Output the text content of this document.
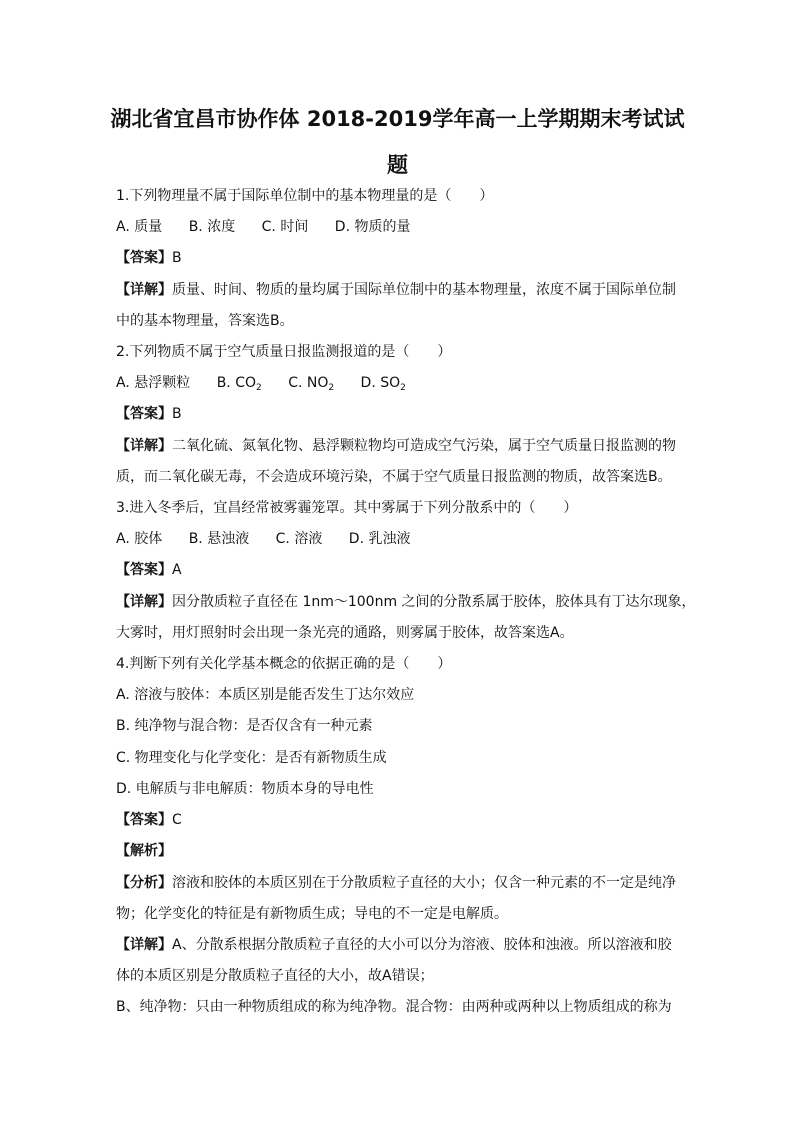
湖北省宜昌市协作体 2018-2019学年高一上学期期末考试试
题
1.下列物理量不属于国际单位制中的基本物理量的是（　　）
A. 质量 B. 浓度 C. 时间 D. 物质的量
【答案】B
【详解】质量、时间、物质的量均属于国际单位制中的基本物理量，浓度不属于国际单位制
中的基本物理量，答案选B。
2.下列物质不属于空气质量日报监测报道的是（　　）
A. 悬浮颗粒 B. $CO_2$ C. $NO_2$ D. $SO_2$
【答案】B
【详解】二氧化硫、氮氧化物、悬浮颗粒物均可造成空气污染，属于空气质量日报监测的物
质，而二氧化碳无毒，不会造成环境污染，不属于空气质量日报监测的物质，故答案选B。
3.进入冬季后，宜昌经常被雾霾笼罩。其中雾属于下列分散系中的（　　）
A. 胶体 B. 悬浊液 C. 溶液 D. 乳浊液
【答案】A
【详解】因分散质粒子直径在 1nm～100nm 之间的分散系属于胶体，胶体具有丁达尔现象，
大雾时，用灯照射时会出现一条光亮的通路，则雾属于胶体，故答案选A。
4.判断下列有关化学基本概念的依据正确的是（　　）
A. 溶液与胶体：本质区别是能否发生丁达尔效应
B. 纯净物与混合物：是否仅含有一种元素
C. 物理变化与化学变化：是否有新物质生成
D. 电解质与非电解质：物质本身的导电性
【答案】C
【解析】
【分析】溶液和胶体的本质区别在于分散质粒子直径的大小；仅含一种元素的不一定是纯净
物；化学变化的特征是有新物质生成；导电的不一定是电解质。
【详解】A、分散系根据分散质粒子直径的大小可以分为溶液、胶体和浊液。所以溶液和胶
体的本质区别是分散质粒子直径的大小，故A错误；
B、纯净物：只由一种物质组成的称为纯净物。混合物：由两种或两种以上物质组成的称为
